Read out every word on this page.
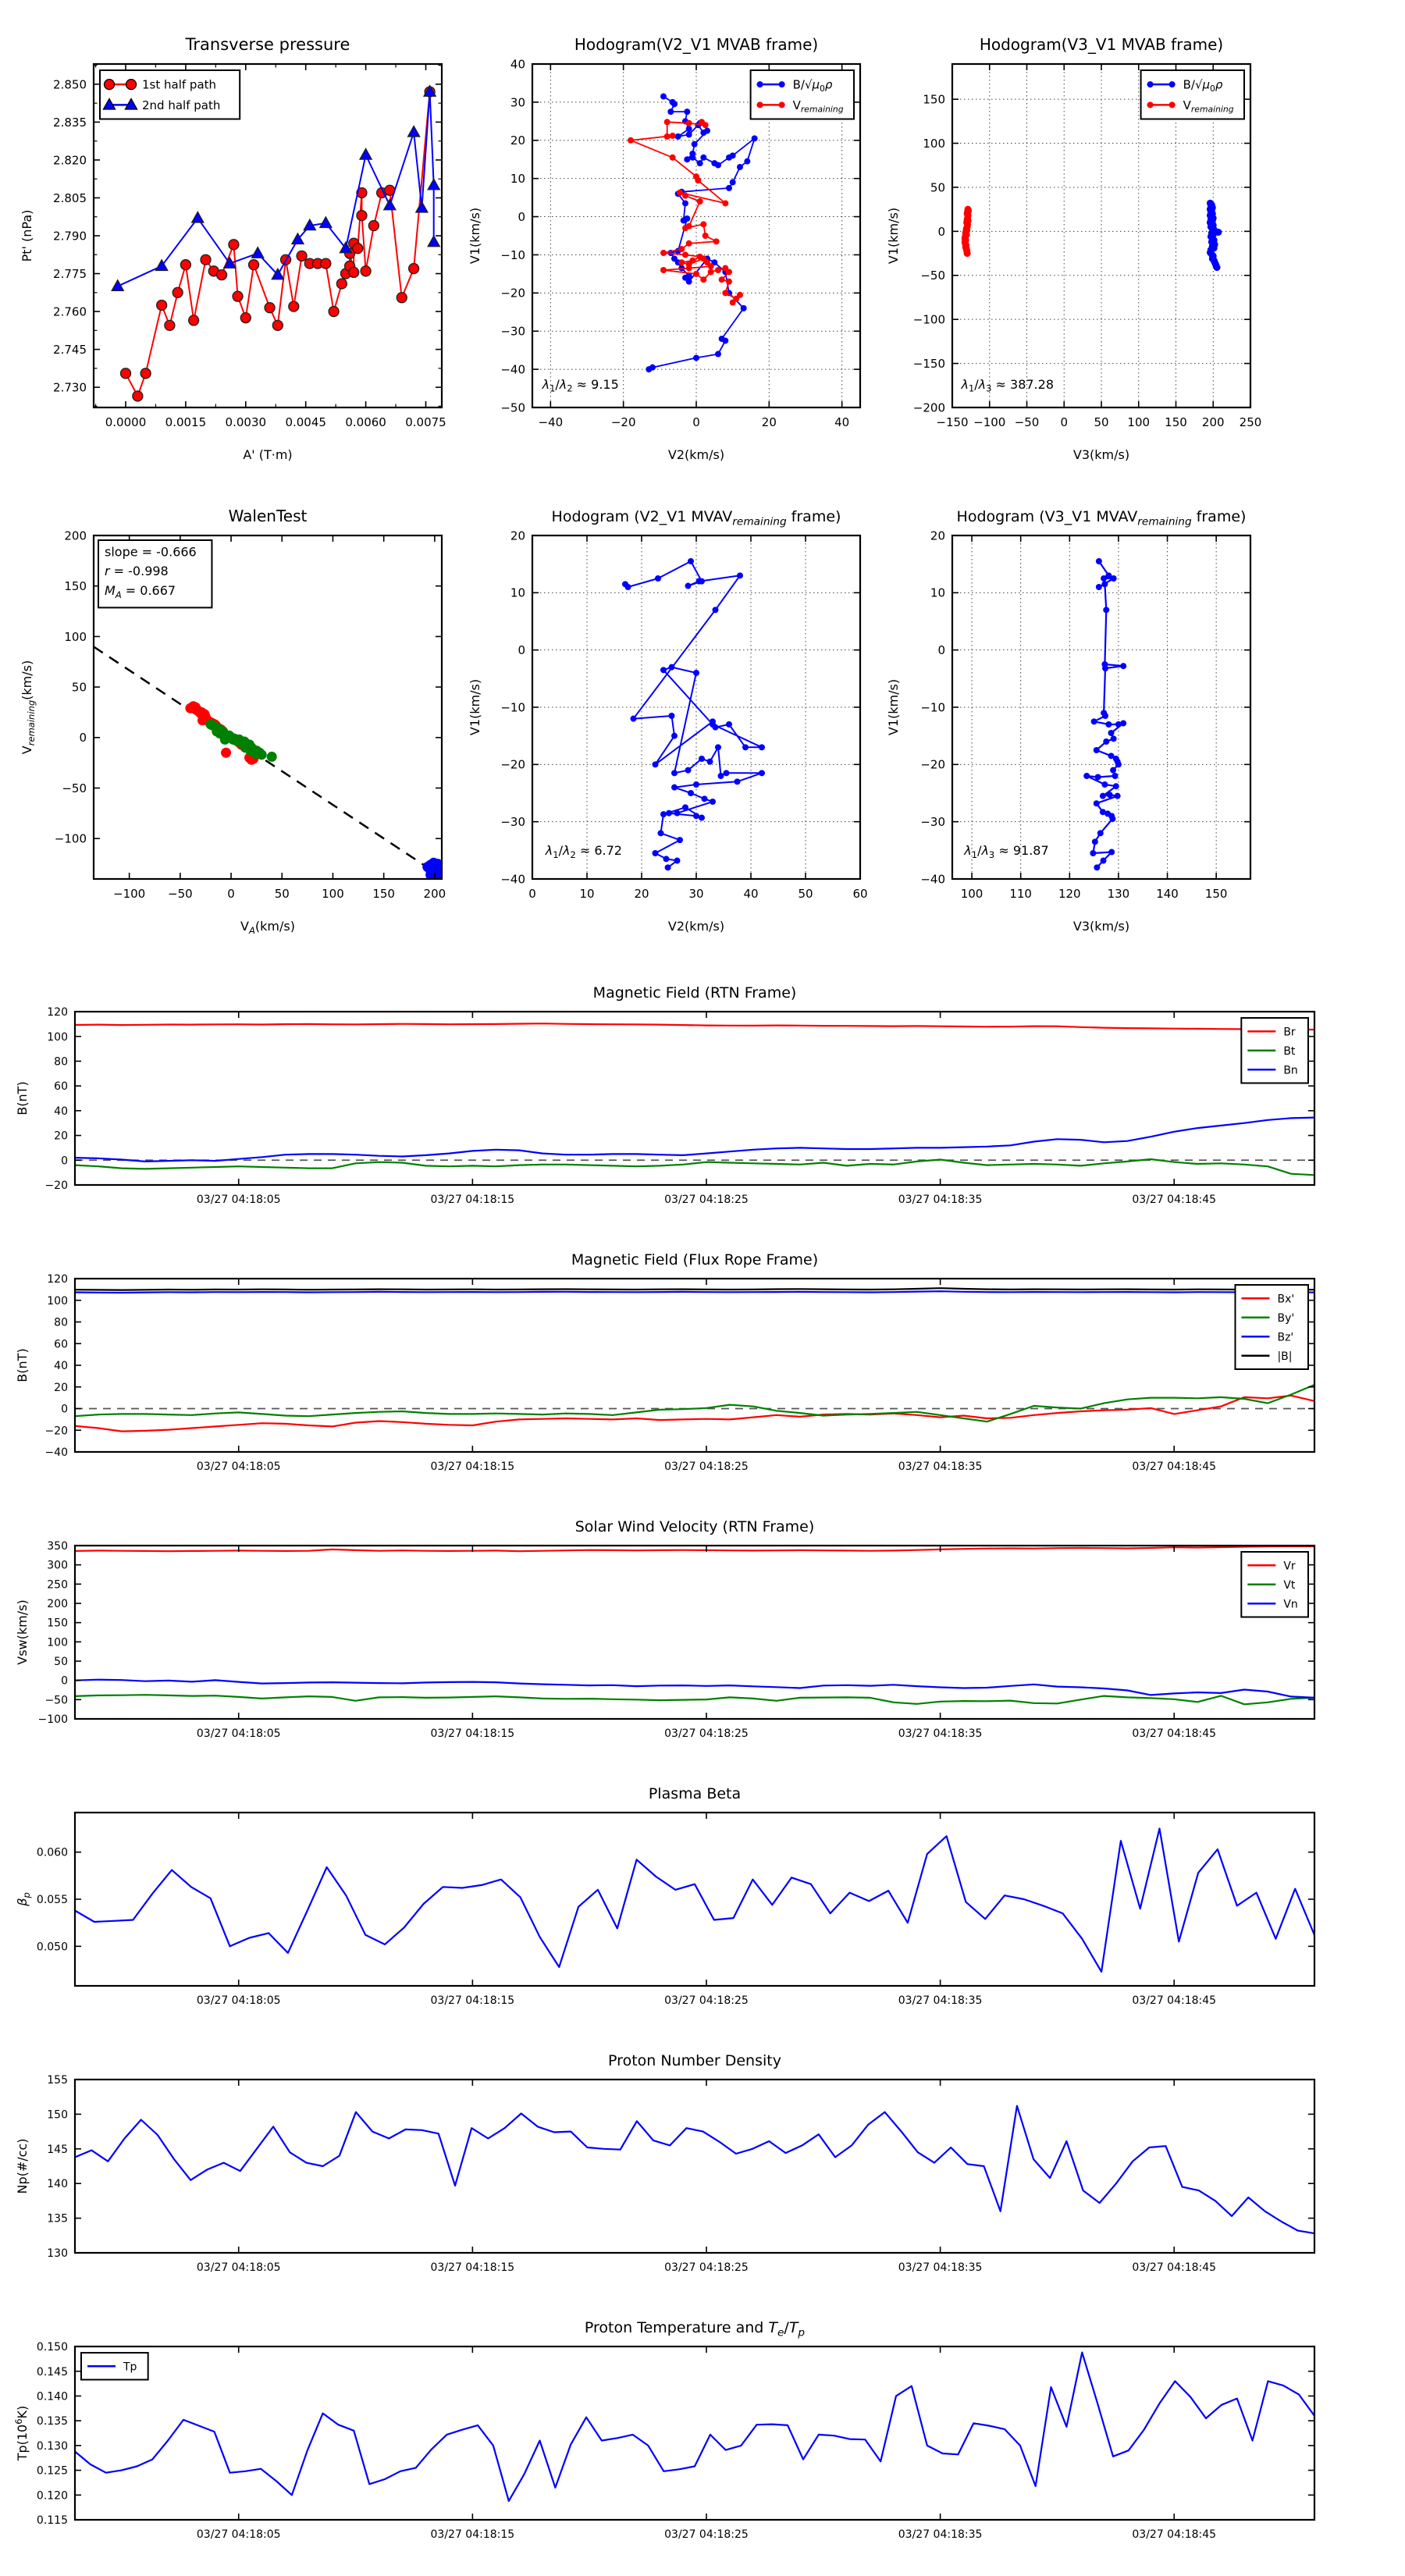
0.0000 0.0015 0.0030 0.0045 0.0060 0.0075
2.730
2.745
2.760
2.775
2.790
2.805
2.820
2.835
2.850
Transverse pressure
A' (T·m)
Pt' (nPa)
1st half path
2nd half path
−40	−20	0	20	40
−50
−40
−30
−20
−10
0
10
20
30
40
Hodogram(V2_V1 MVAB frame)
V2(km/s)
V1(km/s)
$B/√\mu_0\rho$
$V_{remaining}$
$\lambda_1/\lambda_2 \approx 9.15$
−150 −100 −50 0 50 100 150 200 250
−200
−150
−100
−50
0
50
100
150
Hodogram(V3_V1 MVAB frame)
V3(km/s)
V1(km/s)
$B/√\mu_0\rho$
$V_{remaining}$
$\lambda_1/\lambda_3 \approx 387.28$
−100 −50	0	50	100 150 200
−100
−50
0
50
100
150
200
WalenTest
$V_A(km/s)$
$V_{remaining}(km/s)$
slope = -0.666
r = -0.998
$M_A = 0.667$
0	10	20	30	40	50	60
−40
−30
−20
−10
0
10
20
Hodogram (V2_V1 $MVAV_{remaining}$ frame)
V2(km/s)
V1(km/s)
$\lambda_1/\lambda_2 \approx 6.72$
100 110 120 130 140 150
−40
−30
−20
−10
0
10
20
Hodogram (V3_V1 $MVAV_{remaining}$ frame)
V3(km/s)
V1(km/s)
$\lambda_1/\lambda_3 \approx 91.87$
03/27 04:18:05	03/27 04:18:15	03/27 04:18:25	03/27 04:18:35	03/27 04:18:45
−20
0
20
40
60
80
100
120
Magnetic Field (RTN Frame)
B(nT)
Br
Bt
Bn
03/27 04:18:05	03/27 04:18:15	03/27 04:18:25	03/27 04:18:35	03/27 04:18:45
−40
−20
0
20
40
60
80
100
120
Magnetic Field (Flux Rope Frame)
B(nT)
Bx'
By'
Bz'
|B|
03/27 04:18:05	03/27 04:18:15	03/27 04:18:25	03/27 04:18:35	03/27 04:18:45
−100
−50
0
50
100
150
200
250
300
350
Solar Wind Velocity (RTN Frame)
Vsw(km/s)
Vr
Vt
Vn
03/27 04:18:05	03/27 04:18:15	03/27 04:18:25	03/27 04:18:35	03/27 04:18:45
0.050
0.055
0.060
Plasma Beta
$\beta_p$
03/27 04:18:05	03/27 04:18:15	03/27 04:18:25	03/27 04:18:35	03/27 04:18:45
130
135
140
145
150
155
Proton Number Density
Np(#/cc)
03/27 04:18:05	03/27 04:18:15	03/27 04:18:25	03/27 04:18:35	03/27 04:18:45
0.115
0.120
0.125
0.130
0.135
0.140
0.145
0.150
Proton Temperature and $T_e/T_p$
$Tp(10^6K)$
Tp
